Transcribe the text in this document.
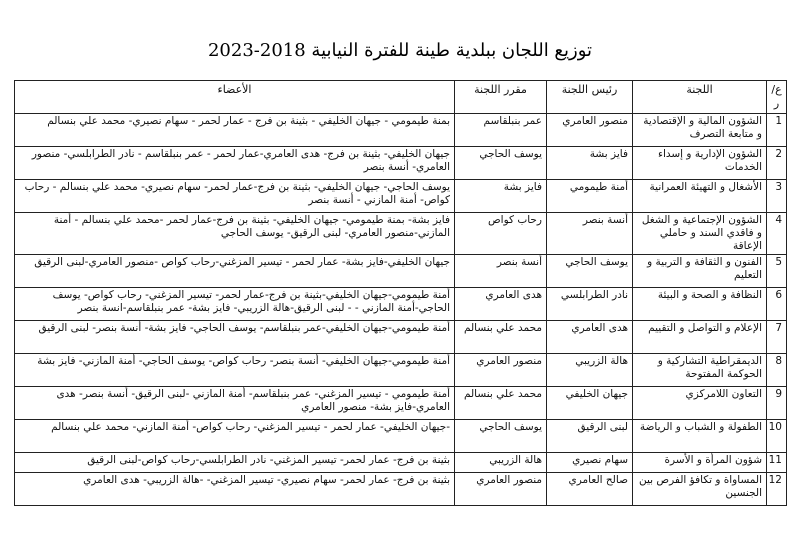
توزيع اللجان ببلدية طينة للفترة النيابية 2018-2023
ع/ر	اللجنة	رئيس اللجنة	مقرر اللجنة	الأعضاء
1	الشؤون المالية و الإقتصادية و متابعة التصرف	منصور العامري	عمر بنبلقاسم	بمنة طيمومي - جيهان الخليفي - بثينة بن فرج - عمار لحمر - سهام نصيري- محمد علي بنسالم
2	الشؤون الإدارية و إسداء الخدمات	فايز بشة	يوسف الحاجي	جيهان الخليفي- بثينة بن فرج- هدى العامري-عمار لحمر - عمر بنبلقاسم - نادر الطرابلسي- منصور العامري- أنسة بنصر
3	الأشغال و التهيئة العمرانية	أمنة طيمومي	فايز بشة	يوسف الحاجي- جيهان الخليفي- بثينة بن فرج-عمار لحمر- سهام نصيري- محمد علي بنسالم - رحاب كواص- أمنة المازني - أنسة بنصر
4	الشؤون الإجتماعية و الشغل و فاقدي السند و حاملي الإعاقة	أنسة بنصر	رحاب كواص	فايز بشة- بمنة طيمومي- جيهان الخليفي- بثينة بن فرج-عمار لحمر -محمد علي بنسالم - أمنة المازني-منصور العامري- لبنى الرقيق- يوسف الحاجي
5	الفنون و الثقافة و التربية و التعليم	يوسف الحاجي	أنسة بنصر	جيهان الخليفي-فايز بشة- عمار لحمر - تيسير المزغني-رحاب كواص -منصور العامري-لبنى الرقيق
6	النظافة و الصحة و البيئة	نادر الطرابلسي	هدى العامري	أمنة طيمومي-جيهان الخليفي-بثينة بن فرج-عمار لحمر- تيسير المزغني- رحاب كواص- يوسف الحاجي-أمنة المازني - - لبنى الرقيق-هالة الزريبي- فايز بشة- عمر بنبلقاسم-انسة بنصر
7	الإعلام و التواصل و التقييم	هدى العامري	محمد علي بنسالم	أمنة طيمومي-جيهان الخليفي-عمر بنبلقاسم- يوسف الحاجي- فايز بشة- أنسة بنصر- لبنى الرقيق
8	الديمقراطية التشاركية و الحوكمة المفتوحة	هالة الزريبي	منصور العامري	أمنة طيمومي-جيهان الخليفي- أنسة بنصر- رحاب كواص- يوسف الحاجي- أمنة المازني- فايز بشة
9	التعاون اللامركزي	جيهان الخليفي	محمد علي بنسالم	أمنة طيمومي - تيسير المزغني- عمر بنبلقاسم- أمنة المازني -لبنى الرقيق- أنسة بنصر- هدى العامري-فايز بشة- منصور العامري
10	الطفولة و الشباب و الرياضة	لبنى الرقيق	يوسف الحاجي	-جيهان الخليفي- عمار لحمر - تيسير المزغني- رحاب كواص- أمنة المازني- محمد علي بنسالم
11	شؤون المرأة و الأسرة	سهام نصيري	هالة الزريبي	بثينة بن فرج- عمار لحمر- تيسير المزغني- نادر الطرابلسي-رحاب كواص-لبنى الرقيق
12	المساواة و تكافؤ الفرص بين الجنسين	صالح العامري	منصور العامري	بثينة بن فرج- عمار لحمر- سهام نصيري- تيسير المزغني- -هالة الزريبي- هدى العامري
